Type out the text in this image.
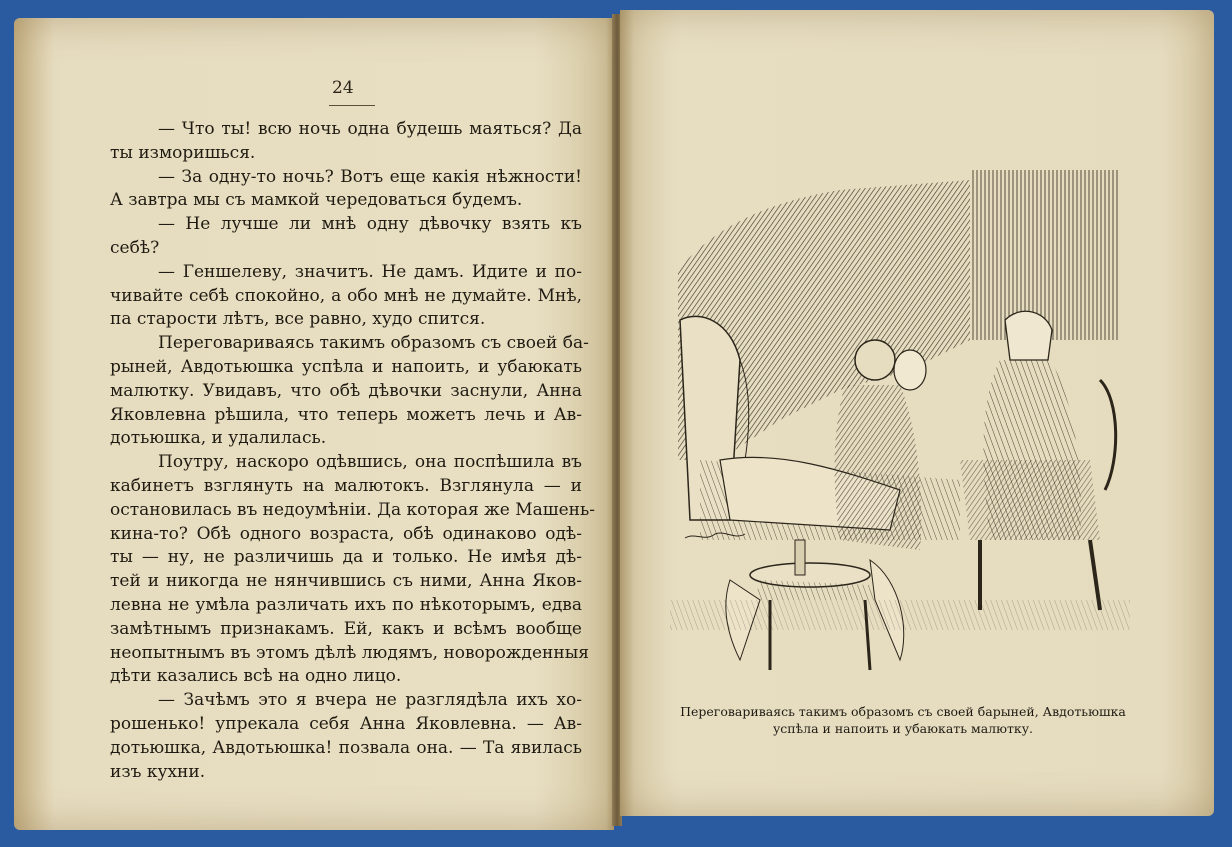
24
— Что ты! всю ночь одна будешь маяться? Да
ты изморишься.
— За одну-то ночь? Вотъ еще какія нѣжности!
А завтра мы съ мамкой чередоваться будемъ.
— Не лучше ли мнѣ одну дѣвочку взять къ
себѣ?
— Геншелеву, значитъ. Не дамъ. Идите и по-
чивайте себѣ спокойно, а обо мнѣ не думайте. Мнѣ,
па старости лѣтъ, все равно, худо спится.
Переговариваясь такимъ образомъ съ своей ба-
рыней, Авдотьюшка успѣла и напоить, и убаюкать
малютку. Увидавъ, что обѣ дѣвочки заснули, Анна
Яковлевна рѣшила, что теперь можетъ лечь и Ав-
дотьюшка, и удалилась.
Поутру, наскоро одѣвшись, она поспѣшила въ
кабинетъ взглянуть на малютокъ. Взглянула — и
остановилась въ недоумѣніи. Да которая же Машень-
кина-то? Обѣ одного возраста, обѣ одинаково одѣ-
ты — ну, не различишь да и только. Не имѣя дѣ-
тей и никогда не нянчившись съ ними, Анна Яков-
левна не умѣла различать ихъ по нѣкоторымъ, едва
замѣтнымъ признакамъ. Ей, какъ и всѣмъ вообще
неопытнымъ въ этомъ дѣлѣ людямъ, новорожденныя
дѣти казались всѣ на одно лицо.
— Зачѣмъ это я вчера не разглядѣла ихъ хо-
рошенько! упрекала себя Анна Яковлевна. — Ав-
дотьюшка, Авдотьюшка! позвала она. — Та явилась
изъ кухни.
Переговариваясь такимъ образомъ съ своей барыней, Авдотьюшка
успѣла и напоить и убаюкать малютку.
